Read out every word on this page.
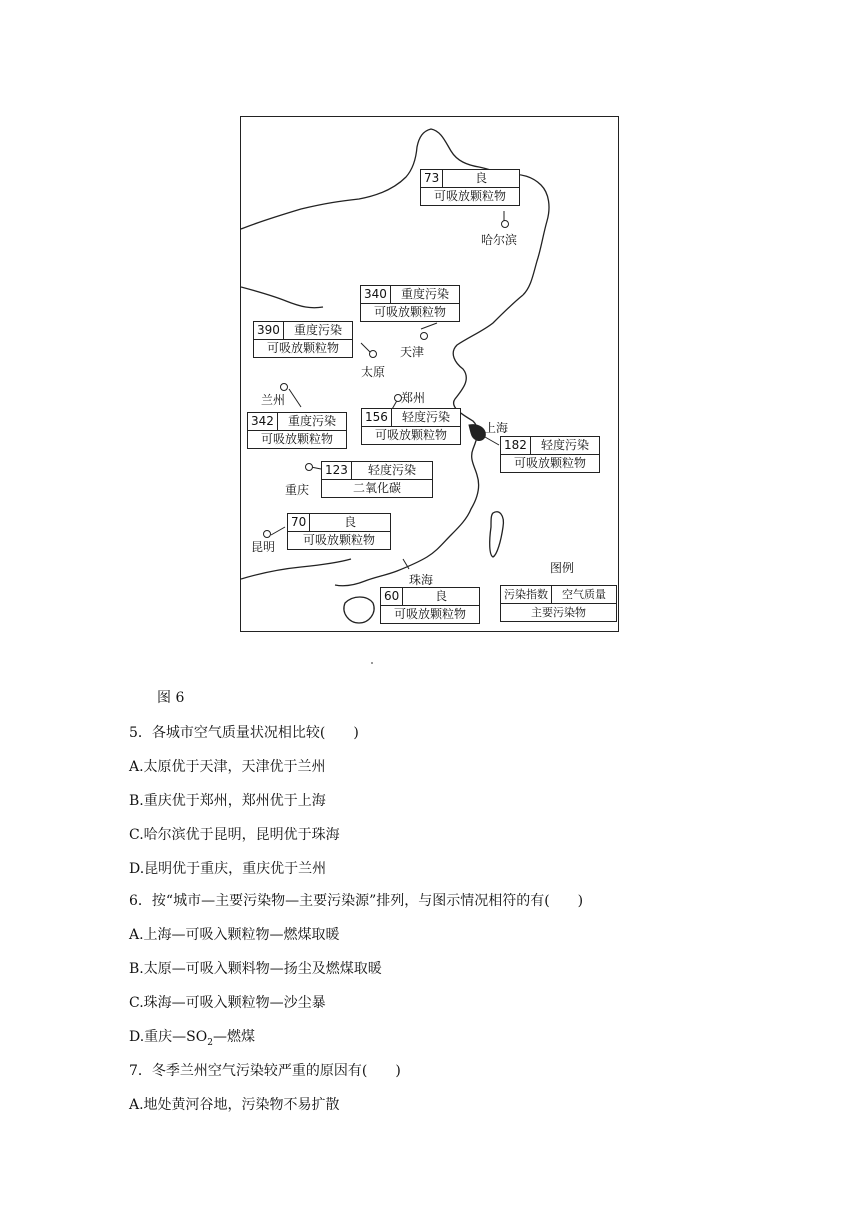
73	良
可吸放颗粒物
哈尔滨
340	重度污染
可吸放颗粒物
天津
390	重度污染
可吸放颗粒物
太原
兰州
342	重度污染
可吸放颗粒物
郑州
156	轻度污染
可吸放颗粒物	上海
182	轻度污染
可吸放颗粒物
重庆
123	轻度污染
二氧化碳
70	良
可吸放颗粒物
昆明
珠海
60	良
可吸放颗粒物
图例
污染指数	空气质量
主要污染物
图 6
5．各城市空气质量状况相比较(　　)
A.太原优于天津，天津优于兰州
B.重庆优于郑州，郑州优于上海
C.哈尔滨优于昆明，昆明优于珠海
D.昆明优于重庆，重庆优于兰州
6．按“城市—主要污染物—主要污染源”排列，与图示情况相符的有(　　)
A.上海—可吸入颗粒物—燃煤取暖
B.太原—可吸入颗料物—扬尘及燃煤取暖
C.珠海—可吸入颗粒物—沙尘暴
D.重庆$—SO_2—$燃煤
7．冬季兰州空气污染较严重的原因有(　　)
A.地处黄河谷地，污染物不易扩散
